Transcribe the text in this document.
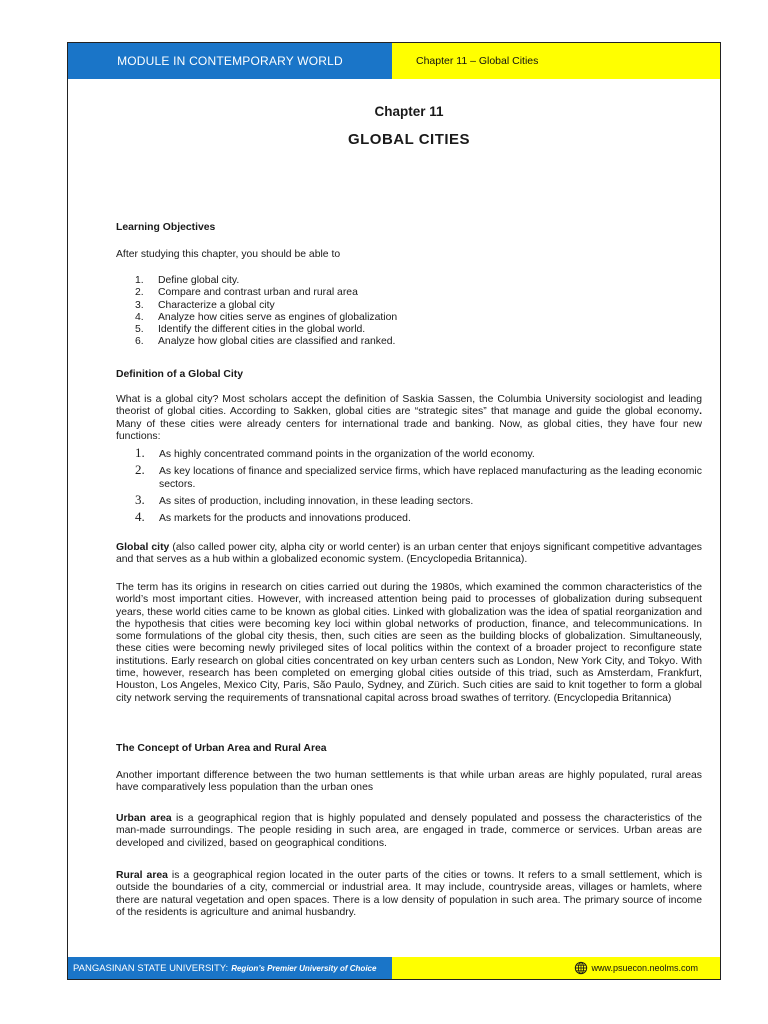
MODULE IN CONTEMPORARY WORLD	Chapter 11 – Global Cities
Chapter 11
GLOBAL CITIES
Learning Objectives

After studying this chapter, you should be able to

1.	Define global city.
2.	Compare and contrast urban and rural area
3.	Characterize a global city
4.	Analyze how cities serve as engines of globalization
5.	Identify the different cities in the global world.
6.	Analyze how global cities are classified and ranked.
Definition of a Global City

What is a global city? Most scholars accept the definition of Saskia Sassen, the Columbia University sociologist and leading theorist of global cities. According to Sakken, global cities are “strategic sites” that manage and guide the global economy. Many of these cities were already centers for international trade and banking. Now, as global cities, they have four new functions:

1.	As highly concentrated command points in the organization of the world economy.
2.	As key locations of finance and specialized service firms, which have replaced manufacturing as the leading economic sectors.
3.	As sites of production, including innovation, in these leading sectors.
4.	As markets for the products and innovations produced.

Global city (also called power city, alpha city or world center) is an urban center that enjoys significant competitive advantages and that serves as a hub within a globalized economic system. (Encyclopedia Britannica).

The term has its origins in research on cities carried out during the 1980s, which examined the common characteristics of the world’s most important cities. However, with increased attention being paid to processes of globalization during subsequent years, these world cities came to be known as global cities. Linked with globalization was the idea of spatial reorganization and the hypothesis that cities were becoming key loci within global networks of production, finance, and telecommunications. In some formulations of the global city thesis, then, such cities are seen as the building blocks of globalization. Simultaneously, these cities were becoming newly privileged sites of local politics within the context of a broader project to reconfigure state institutions. Early research on global cities concentrated on key urban centers such as London, New York City, and Tokyo. With time, however, research has been completed on emerging global cities outside of this triad, such as Amsterdam, Frankfurt, Houston, Los Angeles, Mexico City, Paris, São Paulo, Sydney, and Zürich. Such cities are said to knit together to form a global city network serving the requirements of transnational capital across broad swathes of territory. (Encyclopedia Britannica)

The Concept of Urban Area and Rural Area

Another important difference between the two human settlements is that while urban areas are highly populated, rural areas have comparatively less population than the urban ones

Urban area is a geographical region that is highly populated and densely populated and possess the characteristics of the man-made surroundings. The people residing in such area, are engaged in trade, commerce or services. Urban areas are developed and civilized, based on geographical conditions.

Rural area is a geographical region located in the outer parts of the cities or towns. It refers to a small settlement, which is outside the boundaries of a city, commercial or industrial area. It may include, countryside areas, villages or hamlets, where there are natural vegetation and open spaces. There is a low density of population in such area. The primary source of income of the residents is agriculture and animal husbandry.

PANGASINAN STATE UNIVERSITY: Region’s Premier University of Choice	www.psuecon.neolms.com
